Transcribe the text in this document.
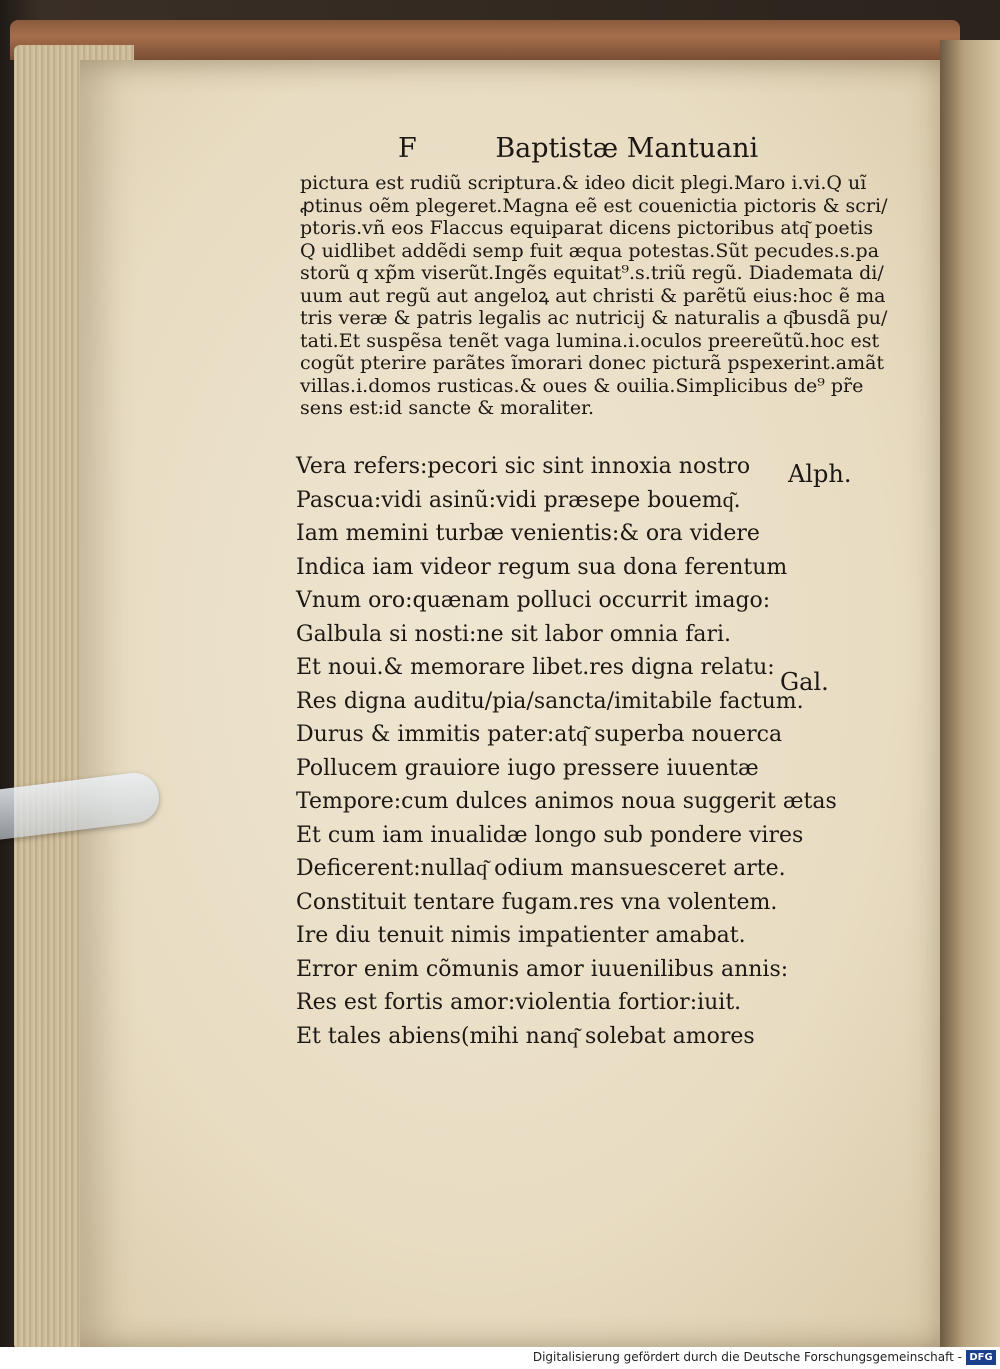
F	Baptistæ Mantuani
pictura est rudiũ scriptura.& ideo dicit plegi.Maro i.vi.Q uĩ
ꝓtinus oẽm plegeret.Magna eẽ est couenictia pictoris & scri/
ptoris.vñ eos Flaccus equiparat dicens pictoribus atq͂ poetis
Q uidlibet addẽdi semp fuit æqua potestas.Sũt pecudes.s.pa
storũ q xp̃m viserũt.Ingẽs equitat⁹.s.triũ regũ. Diademata di/
uum aut regũ aut angeloꝝ aut christi & parẽtũ eius:hoc ẽ ma
tris veræ & patris legalis ac nutricij & naturalis a q͂busdã pu/
tati.Et suspẽsa tenẽt vaga lumina.i.oculos preereũtũ.hoc est
cogũt pterire parãtes ĩmorari donec picturã pspexerint.amãt
villas.i.domos rusticas.& oues & ouilia.Simplicibus de⁹ pr̃e
sens est:id sancte & moraliter.
Vera refers:pecori sic sint innoxia nostro
Pascua:vidi asinũ:vidi præsepe bouemq͂.
Iam memini turbæ venientis:& ora videre
Indica iam videor regum sua dona ferentum
Vnum oro:quænam polluci occurrit imago:
Galbula si nosti:ne sit labor omnia fari.
Et noui.& memorare libet.res digna relatu:
Res digna auditu/pia/sancta/imitabile factum.
Durus & immitis pater:atq͂ superba nouerca
Pollucem grauiore iugo pressere iuuentæ
Tempore:cum dulces animos noua suggerit ætas
Et cum iam inualidæ longo sub pondere vires
Deficerent:nullaq͂ odium mansuesceret arte.
Constituit tentare fugam.res vna volentem.
Ire diu tenuit nimis impatienter amabat.
Error enim cõmunis amor iuuenilibus annis:
Res est fortis amor:violentia fortior:iuit.
Et tales abiens(mihi nanq͂ solebat amores
Alph.
Gal.
Digitalisierung gefördert durch die Deutsche Forschungsgemeinschaft - DFG
